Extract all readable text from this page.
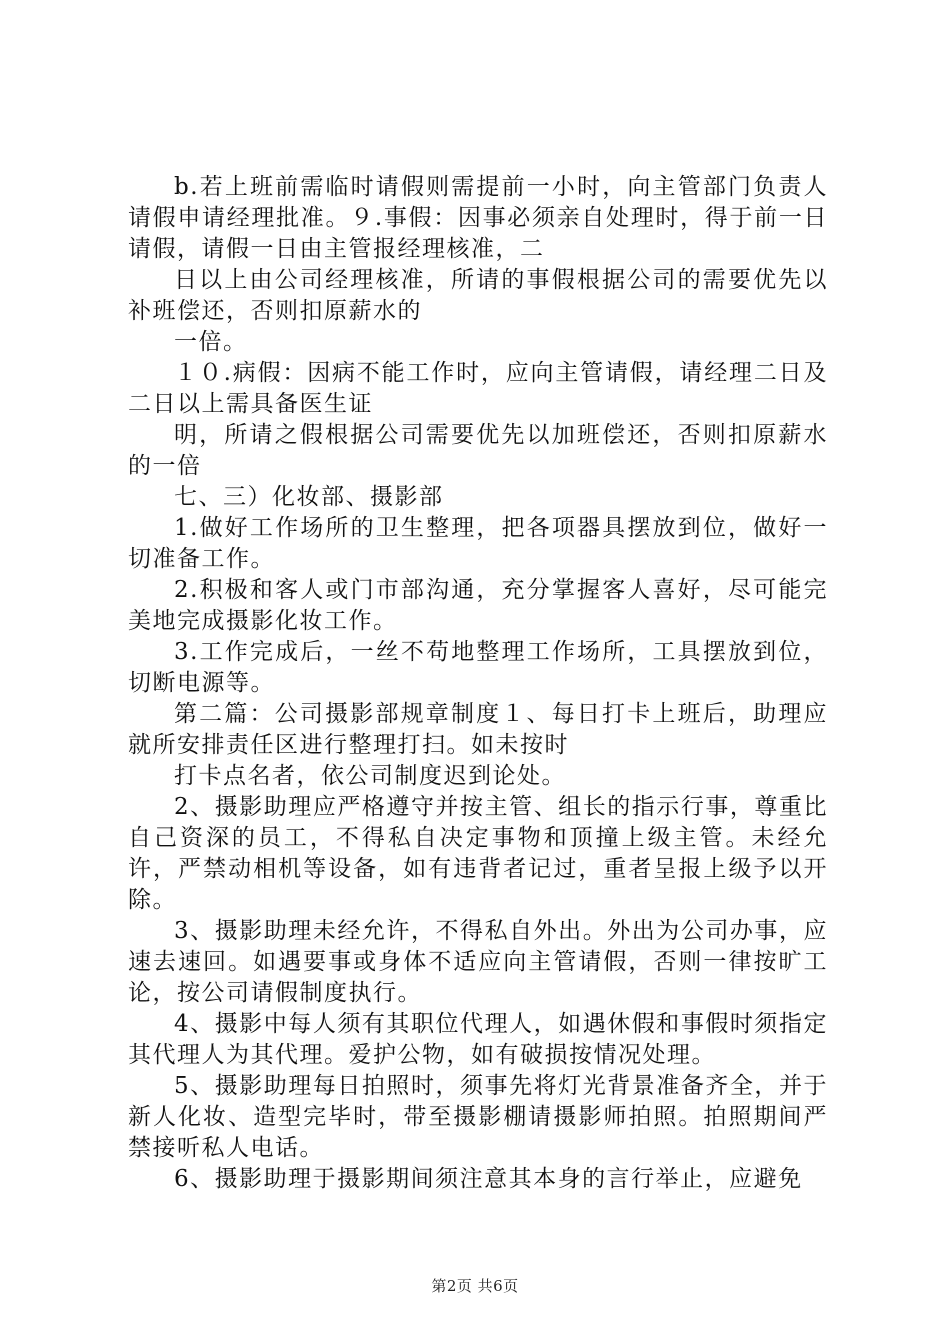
b.若上班前需临时请假则需提前一小时，向主管部门负责人请假申请经理批准。９.事假：因事必须亲自处理时，得于前一日请假，请假一日由主管报经理核准，二

日以上由公司经理核准，所请的事假根据公司的需要优先以补班偿还，否则扣原薪水的

一倍。

１０.病假：因病不能工作时，应向主管请假，请经理二日及二日以上需具备医生证

明，所请之假根据公司需要优先以加班偿还，否则扣原薪水的一倍

七、三）化妆部、摄影部

1.做好工作场所的卫生整理，把各项器具摆放到位，做好一切准备工作。

2.积极和客人或门市部沟通，充分掌握客人喜好，尽可能完美地完成摄影化妆工作。

3.工作完成后，一丝不苟地整理工作场所，工具摆放到位，切断电源等。

第二篇：公司摄影部规章制度１、每日打卡上班后，助理应就所安排责任区进行整理打扫。如未按时

打卡点名者，依公司制度迟到论处。

2、摄影助理应严格遵守并按主管、组长的指示行事，尊重比自己资深的员工，不得私自决定事物和顶撞上级主管。未经允许，严禁动相机等设备，如有违背者记过，重者呈报上级予以开除。

3、摄影助理未经允许，不得私自外出。外出为公司办事，应速去速回。如遇要事或身体不适应向主管请假，否则一律按旷工论，按公司请假制度执行。

4、摄影中每人须有其职位代理人，如遇休假和事假时须指定其代理人为其代理。爱护公物，如有破损按情况处理。

5、摄影助理每日拍照时，须事先将灯光背景准备齐全，并于新人化妆、造型完毕时，带至摄影棚请摄影师拍照。拍照期间严禁接听私人电话。

6、摄影助理于摄影期间须注意其本身的言行举止，应避免

第2页 共6页
